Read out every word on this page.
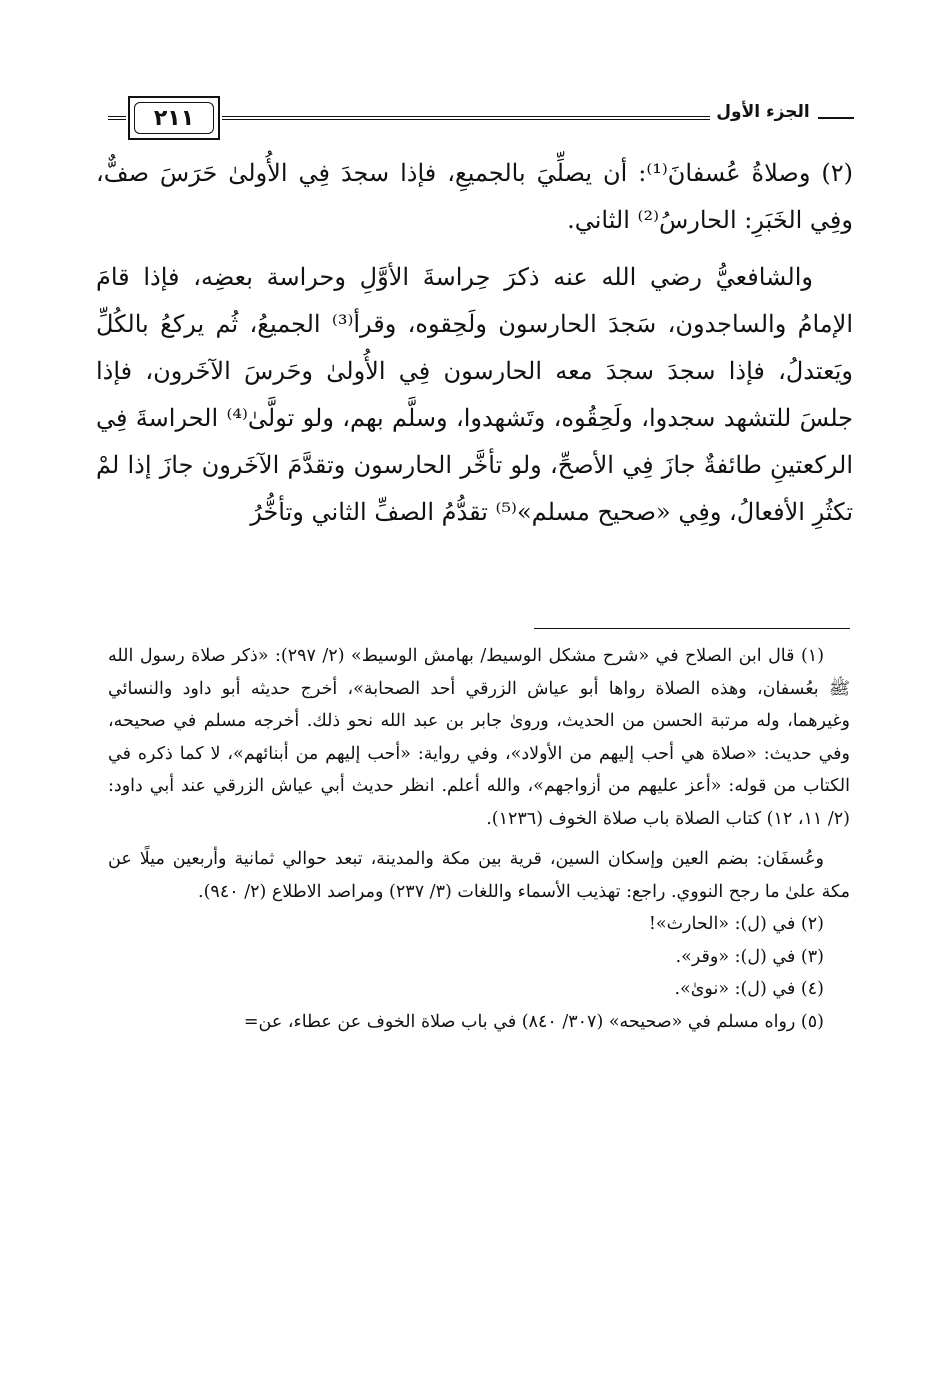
٢١١	الجزء الأول

(٢) وصلاةُ عُسفانَ⁽¹⁾: أن يصلِّيَ بالجميعِ، فإذا سجدَ فِي الأُولىٰ حَرَسَ صفٌّ، وفِي الخَبَرِ: الحارسُ⁽²⁾ الثاني.

والشافعيُّ رضي الله عنه ذكرَ حِراسةَ الأوَّلِ وحراسة بعضِه، فإذا قامَ الإمامُ والساجدون، سَجدَ الحارسون ولَحِقوه، وقرأ⁽³⁾ الجميعُ، ثُم يركعُ بالكُلِّ ويَعتدلُ، فإذا سجدَ سجدَ معه الحارسون فِي الأُولىٰ وحَرسَ الآخَرون، فإذا جلسَ للتشهد سجدوا، ولَحِقُوه، وتَشهدوا، وسلَّم بهم، ولو تولَّىٰ⁽⁴⁾ الحراسةَ فِي الركعتينِ طائفةٌ جازَ فِي الأصحِّ، ولو تأخَّر الحارسون وتقدَّمَ الآخَرون جازَ إذا لمْ تكثُرِ الأفعالُ، وفِي «صحيح مسلم»⁽⁵⁾ تقدُّمُ الصفِّ الثاني وتأخُّرُ

(١) قال ابن الصلاح في «شرح مشكل الوسيط/ بهامش الوسيط» (٢/ ٢٩٧): «ذكر صلاة رسول الله ﷺ بعُسفان، وهذه الصلاة رواها أبو عياش الزرقي أحد الصحابة»، أخرج حديثه أبو داود والنسائي وغيرهما، وله مرتبة الحسن من الحديث، وروىٰ جابر بن عبد الله نحو ذلك. أخرجه مسلم في صحيحه، وفي حديث: «صلاة هي أحب إليهم من الأولاد»، وفي رواية: «أحب إليهم من أبنائهم»، لا كما ذكره في الكتاب من قوله: «أعز عليهم من أزواجهم»، والله أعلم. انظر حديث أبي عياش الزرقي عند أبي داود: (٢/ ١١، ١٢) كتاب الصلاة باب صلاة الخوف (١٢٣٦).

وعُسفَان: بضم العين وإسكان السين، قرية بين مكة والمدينة، تبعد حوالي ثمانية وأربعين ميلًا عن مكة علىٰ ما رجح النووي. راجع: تهذيب الأسماء واللغات (٣/ ٢٣٧) ومراصد الاطلاع (٢/ ٩٤٠).

(٢) في (ل): «الحارث»!

(٣) في (ل): «وقر».

(٤) في (ل): «نوىٰ».

(٥) رواه مسلم في «صحيحه» (٣٠٧/ ٨٤٠) في باب صلاة الخوف عن عطاء، عن=
